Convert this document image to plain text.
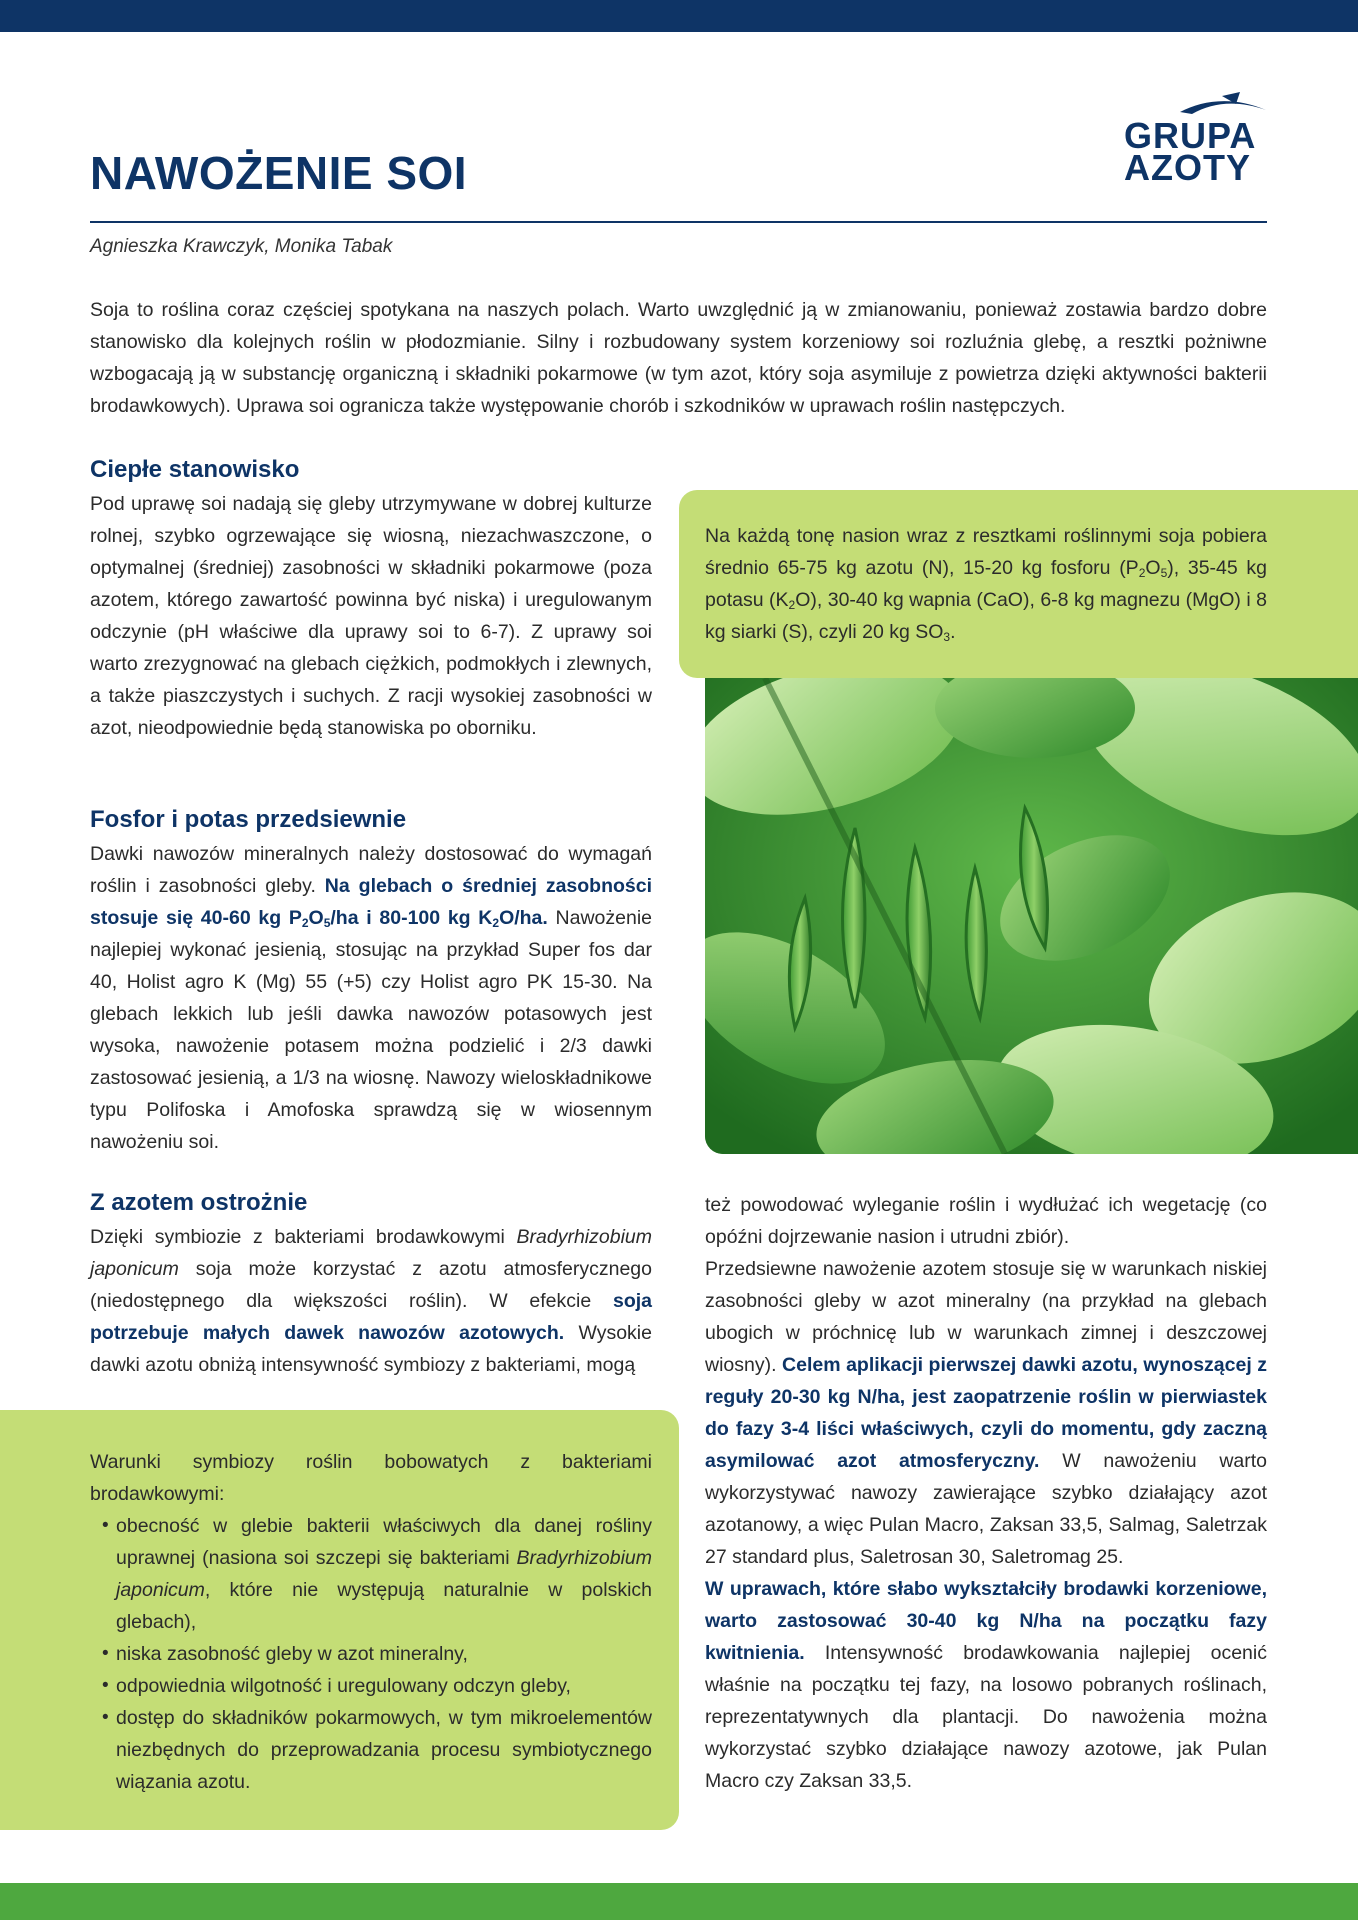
NAWOŻENIE SOI
GRUPA
AZOTY
Agnieszka Krawczyk, Monika Tabak

Soja to roślina coraz częściej spotykana na naszych polach. Warto uwzględnić ją w zmianowaniu, ponieważ zostawia bardzo dobre stanowisko dla kolejnych roślin w płodozmianie. Silny i rozbudowany system korzeniowy soi rozluźnia glebę, a resztki pożniwne wzbogacają ją w substancję organiczną i składniki pokarmowe (w tym azot, który soja asymiluje z powietrza dzięki aktywności bakterii brodawkowych). Uprawa soi ogranicza także występowanie chorób i szkodników w uprawach roślin następczych.

Ciepłe stanowisko

Pod uprawę soi nadają się gleby utrzymywane w dobrej kulturze rolnej, szybko ogrzewające się wiosną, niezachwaszczone, o optymalnej (średniej) zasobności w składniki pokarmowe (poza azotem, którego zawartość powinna być niska) i uregulowanym odczynie (pH właściwe dla uprawy soi to 6-7). Z uprawy soi warto zrezygnować na glebach ciężkich, podmokłych i zlewnych, a także piaszczystych i suchych. Z racji wysokiej zasobności w azot, nieodpowiednie będą stanowiska po oborniku.

Fosfor i potas przedsiewnie

Dawki nawozów mineralnych należy dostosować do wymagań roślin i zasobności gleby. Na glebach o średniej zasobności stosuje się 40-60 kg $P_2O_5/ha$ i 80-100 kg $K_2O/ha$. Nawożenie najlepiej wykonać jesienią, stosując na przykład Super fos dar 40, Holist agro K (Mg) 55 (+5) czy Holist agro PK 15-30. Na glebach lekkich lub jeśli dawka nawozów potasowych jest wysoka, nawożenie potasem można podzielić i 2/3 dawki zastosować jesienią, a 1/3 na wiosnę. Nawozy wieloskładnikowe typu Polifoska i Amofoska sprawdzą się w wiosennym nawożeniu soi.

Z azotem ostrożnie

Dzięki symbiozie z bakteriami brodawkowymi Bradyrhizobium japonicum soja może korzystać z azotu atmosferycznego (niedostępnego dla większości roślin). W efekcie soja potrzebuje małych dawek nawozów azotowych. Wysokie dawki azotu obniżą intensywność symbiozy z bakteriami, mogą

Na każdą tonę nasion wraz z resztkami roślinnymi soja pobiera średnio 65-75 kg azotu (N), 15-20 kg fosforu $(P_2O_5)$, 35-45 kg potasu $(K_2O)$, 30-40 kg wapnia (CaO), 6-8 kg magnezu (MgO) i 8 kg siarki (S), czyli 20 kg $SO_3$.

też powodować wyleganie roślin i wydłużać ich wegetację (co opóźni dojrzewanie nasion i utrudni zbiór).

Przedsiewne nawożenie azotem stosuje się w warunkach niskiej zasobności gleby w azot mineralny (na przykład na glebach ubogich w próchnicę lub w warunkach zimnej i deszczowej wiosny). Celem aplikacji pierwszej dawki azotu, wynoszącej z reguły 20-30 kg N/ha, jest zaopatrzenie roślin w pierwiastek do fazy 3-4 liści właściwych, czyli do momentu, gdy zaczną asymilować azot atmosferyczny. W nawożeniu warto wykorzystywać nawozy zawierające szybko działający azot azotanowy, a więc Pulan Macro, Zaksan 33,5, Salmag, Saletrzak 27 standard plus, Saletrosan 30, Saletromag 25.

W uprawach, które słabo wykształciły brodawki korzeniowe, warto zastosować 30-40 kg N/ha na początku fazy kwitnienia. Intensywność brodawkowania najlepiej ocenić właśnie na początku tej fazy, na losowo pobranych roślinach, reprezentatywnych dla plantacji. Do nawożenia można wykorzystać szybko działające nawozy azotowe, jak Pulan Macro czy Zaksan 33,5.

Warunki symbiozy roślin bobowatych z bakteriami brodawkowymi:

• obecność w glebie bakterii właściwych dla danej rośliny uprawnej (nasiona soi szczepi się bakteriami Bradyrhizobium japonicum, które nie występują naturalnie w polskich glebach),
• niska zasobność gleby w azot mineralny,
• odpowiednia wilgotność i uregulowany odczyn gleby,
• dostęp do składników pokarmowych, w tym mikroelementów niezbędnych do przeprowadzania procesu symbiotycznego wiązania azotu.
